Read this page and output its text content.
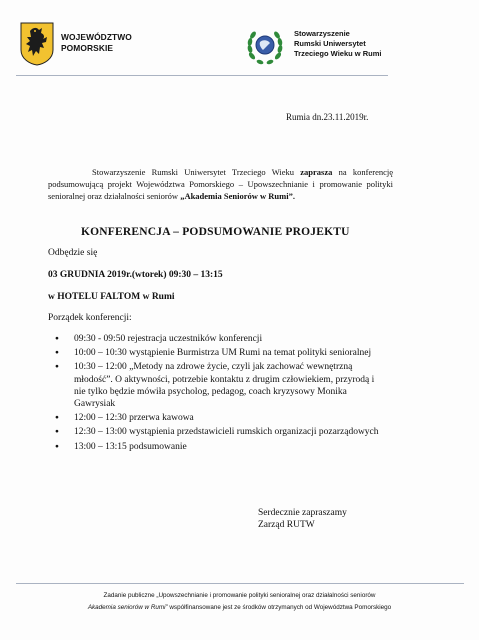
WOJEWÓDZTWO
POMORSKIE
Stowarzyszenie
Rumski Uniwersytet
Trzeciego Wieku w Rumi
Rumia dn.23.11.2019r.
Stowarzyszenie Rumski Uniwersytet Trzeciego Wieku zaprasza na konferencję podsumowującą projekt Województwa Pomorskiego – Upowszechnianie i promowanie polityki senioralnej oraz działalności seniorów „Akademia Seniorów w Rumi”.
KONFERENCJA – PODSUMOWANIE PROJEKTU
Odbędzie się
03 GRUDNIA 2019r.(wtorek) 09:30 – 13:15
w HOTELU FALTOM w Rumi
Porządek konferencji:
● 09:30 - 09:50 rejestracja uczestników konferencji
● 10:00 – 10:30 wystąpienie Burmistrza UM Rumi na temat polityki senioralnej
● 10:30 – 12:00 „Metody na zdrowe życie, czyli jak zachować wewnętrzną młodość”. O aktywności, potrzebie kontaktu z drugim człowiekiem, przyrodą i nie tylko będzie mówiła psycholog, pedagog, coach kryzysowy Monika Gawrysiak
● 12:00 – 12:30 przerwa kawowa
● 12:30 – 13:00 wystąpienia przedstawicieli rumskich organizacji pozarządowych
● 13:00 – 13:15 podsumowanie
Serdecznie zapraszamy
Zarząd RUTW
Zadanie publiczne „Upowszechnianie i promowanie polityki senioralnej oraz działalności seniorów
Akademia seniorów w Rumi” współfinansowane jest ze środków otrzymanych od Województwa Pomorskiego
